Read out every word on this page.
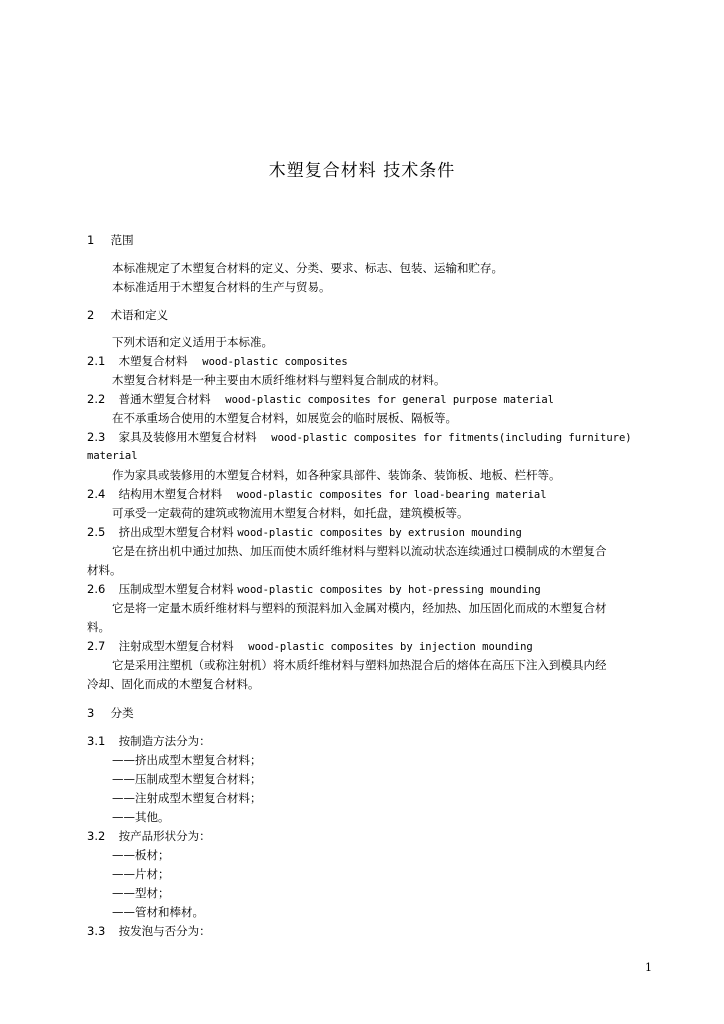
木塑复合材料 技术条件
1 范围
本标准规定了木塑复合材料的定义、分类、要求、标志、包装、运输和贮存。
本标准适用于木塑复合材料的生产与贸易。
2 术语和定义
下列术语和定义适用于本标准。
2.1 木塑复合材料 wood-plastic composites
木塑复合材料是一种主要由木质纤维材料与塑料复合制成的材料。
2.2 普通木塑复合材料 wood-plastic composites for general purpose material
在不承重场合使用的木塑复合材料，如展览会的临时展板、隔板等。
2.3 家具及装修用木塑复合材料 wood-plastic composites for fitments(including furniture)
material
作为家具或装修用的木塑复合材料，如各种家具部件、装饰条、装饰板、地板、栏杆等。
2.4 结构用木塑复合材料 wood-plastic composites for load-bearing material
可承受一定载荷的建筑或物流用木塑复合材料，如托盘，建筑模板等。
2.5 挤出成型木塑复合材料 wood-plastic composites by extrusion mounding
它是在挤出机中通过加热、加压而使木质纤维材料与塑料以流动状态连续通过口模制成的木塑复合
材料。
2.6 压制成型木塑复合材料 wood-plastic composites by hot-pressing mounding
它是将一定量木质纤维材料与塑料的预混料加入金属对模内，经加热、加压固化而成的木塑复合材
料。
2.7 注射成型木塑复合材料 wood-plastic composites by injection mounding
它是采用注塑机（或称注射机）将木质纤维材料与塑料加热混合后的熔体在高压下注入到模具内经
冷却、固化而成的木塑复合材料。
3 分类
3.1 按制造方法分为：
——挤出成型木塑复合材料；
——压制成型木塑复合材料；
——注射成型木塑复合材料；
——其他。
3.2 按产品形状分为：
——板材；
——片材；
——型材；
——管材和棒材。
3.3 按发泡与否分为：
1
